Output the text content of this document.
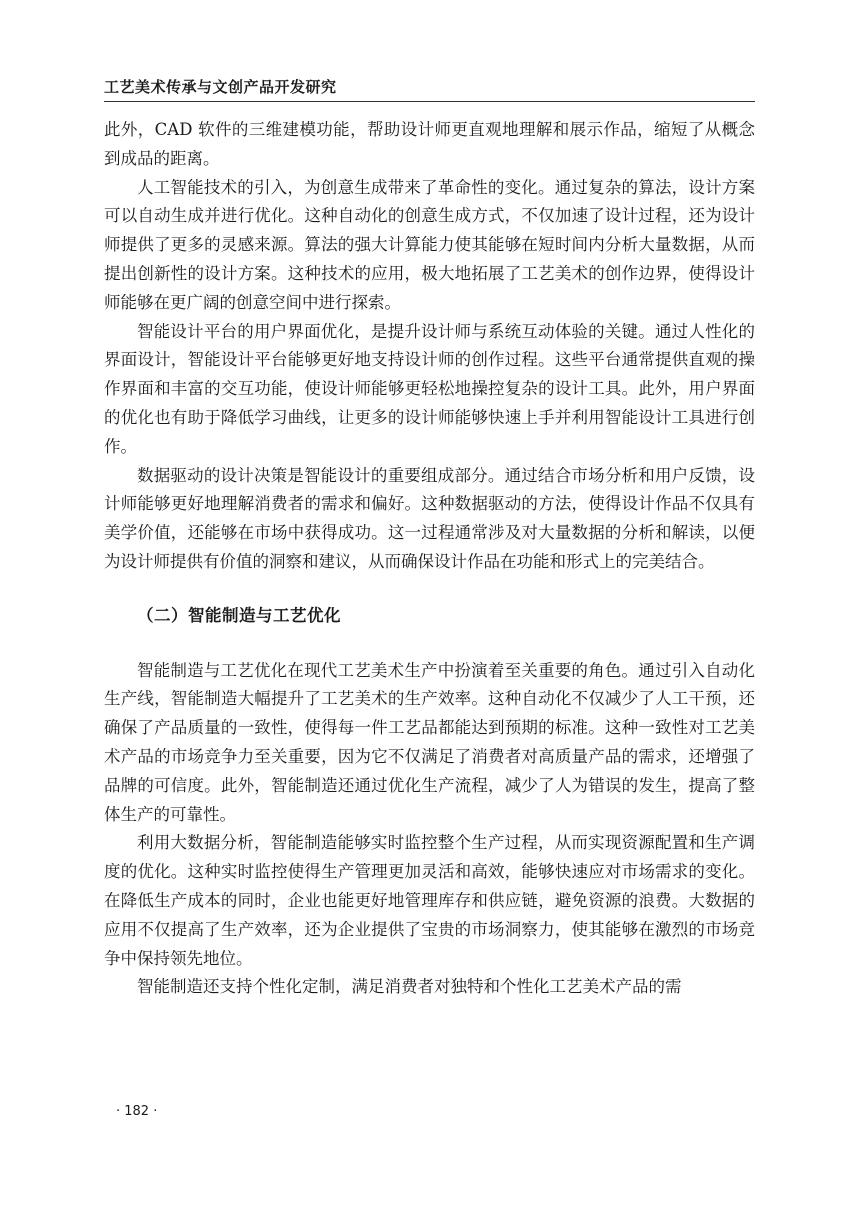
工艺美术传承与文创产品开发研究

此外，CAD 软件的三维建模功能，帮助设计师更直观地理解和展示作品，缩短了从概念到成品的距离。

人工智能技术的引入，为创意生成带来了革命性的变化。通过复杂的算法，设计方案可以自动生成并进行优化。这种自动化的创意生成方式，不仅加速了设计过程，还为设计师提供了更多的灵感来源。算法的强大计算能力使其能够在短时间内分析大量数据，从而提出创新性的设计方案。这种技术的应用，极大地拓展了工艺美术的创作边界，使得设计师能够在更广阔的创意空间中进行探索。

智能设计平台的用户界面优化，是提升设计师与系统互动体验的关键。通过人性化的界面设计，智能设计平台能够更好地支持设计师的创作过程。这些平台通常提供直观的操作界面和丰富的交互功能，使设计师能够更轻松地操控复杂的设计工具。此外，用户界面的优化也有助于降低学习曲线，让更多的设计师能够快速上手并利用智能设计工具进行创作。

数据驱动的设计决策是智能设计的重要组成部分。通过结合市场分析和用户反馈，设计师能够更好地理解消费者的需求和偏好。这种数据驱动的方法，使得设计作品不仅具有美学价值，还能够在市场中获得成功。这一过程通常涉及对大量数据的分析和解读，以便为设计师提供有价值的洞察和建议，从而确保设计作品在功能和形式上的完美结合。

（二）智能制造与工艺优化

智能制造与工艺优化在现代工艺美术生产中扮演着至关重要的角色。通过引入自动化生产线，智能制造大幅提升了工艺美术的生产效率。这种自动化不仅减少了人工干预，还确保了产品质量的一致性，使得每一件工艺品都能达到预期的标准。这种一致性对工艺美术产品的市场竞争力至关重要，因为它不仅满足了消费者对高质量产品的需求，还增强了品牌的可信度。此外，智能制造还通过优化生产流程，减少了人为错误的发生，提高了整体生产的可靠性。

利用大数据分析，智能制造能够实时监控整个生产过程，从而实现资源配置和生产调度的优化。这种实时监控使得生产管理更加灵活和高效，能够快速应对市场需求的变化。在降低生产成本的同时，企业也能更好地管理库存和供应链，避免资源的浪费。大数据的应用不仅提高了生产效率，还为企业提供了宝贵的市场洞察力，使其能够在激烈的市场竞争中保持领先地位。

智能制造还支持个性化定制，满足消费者对独特和个性化工艺美术产品的需

· 182 ·
